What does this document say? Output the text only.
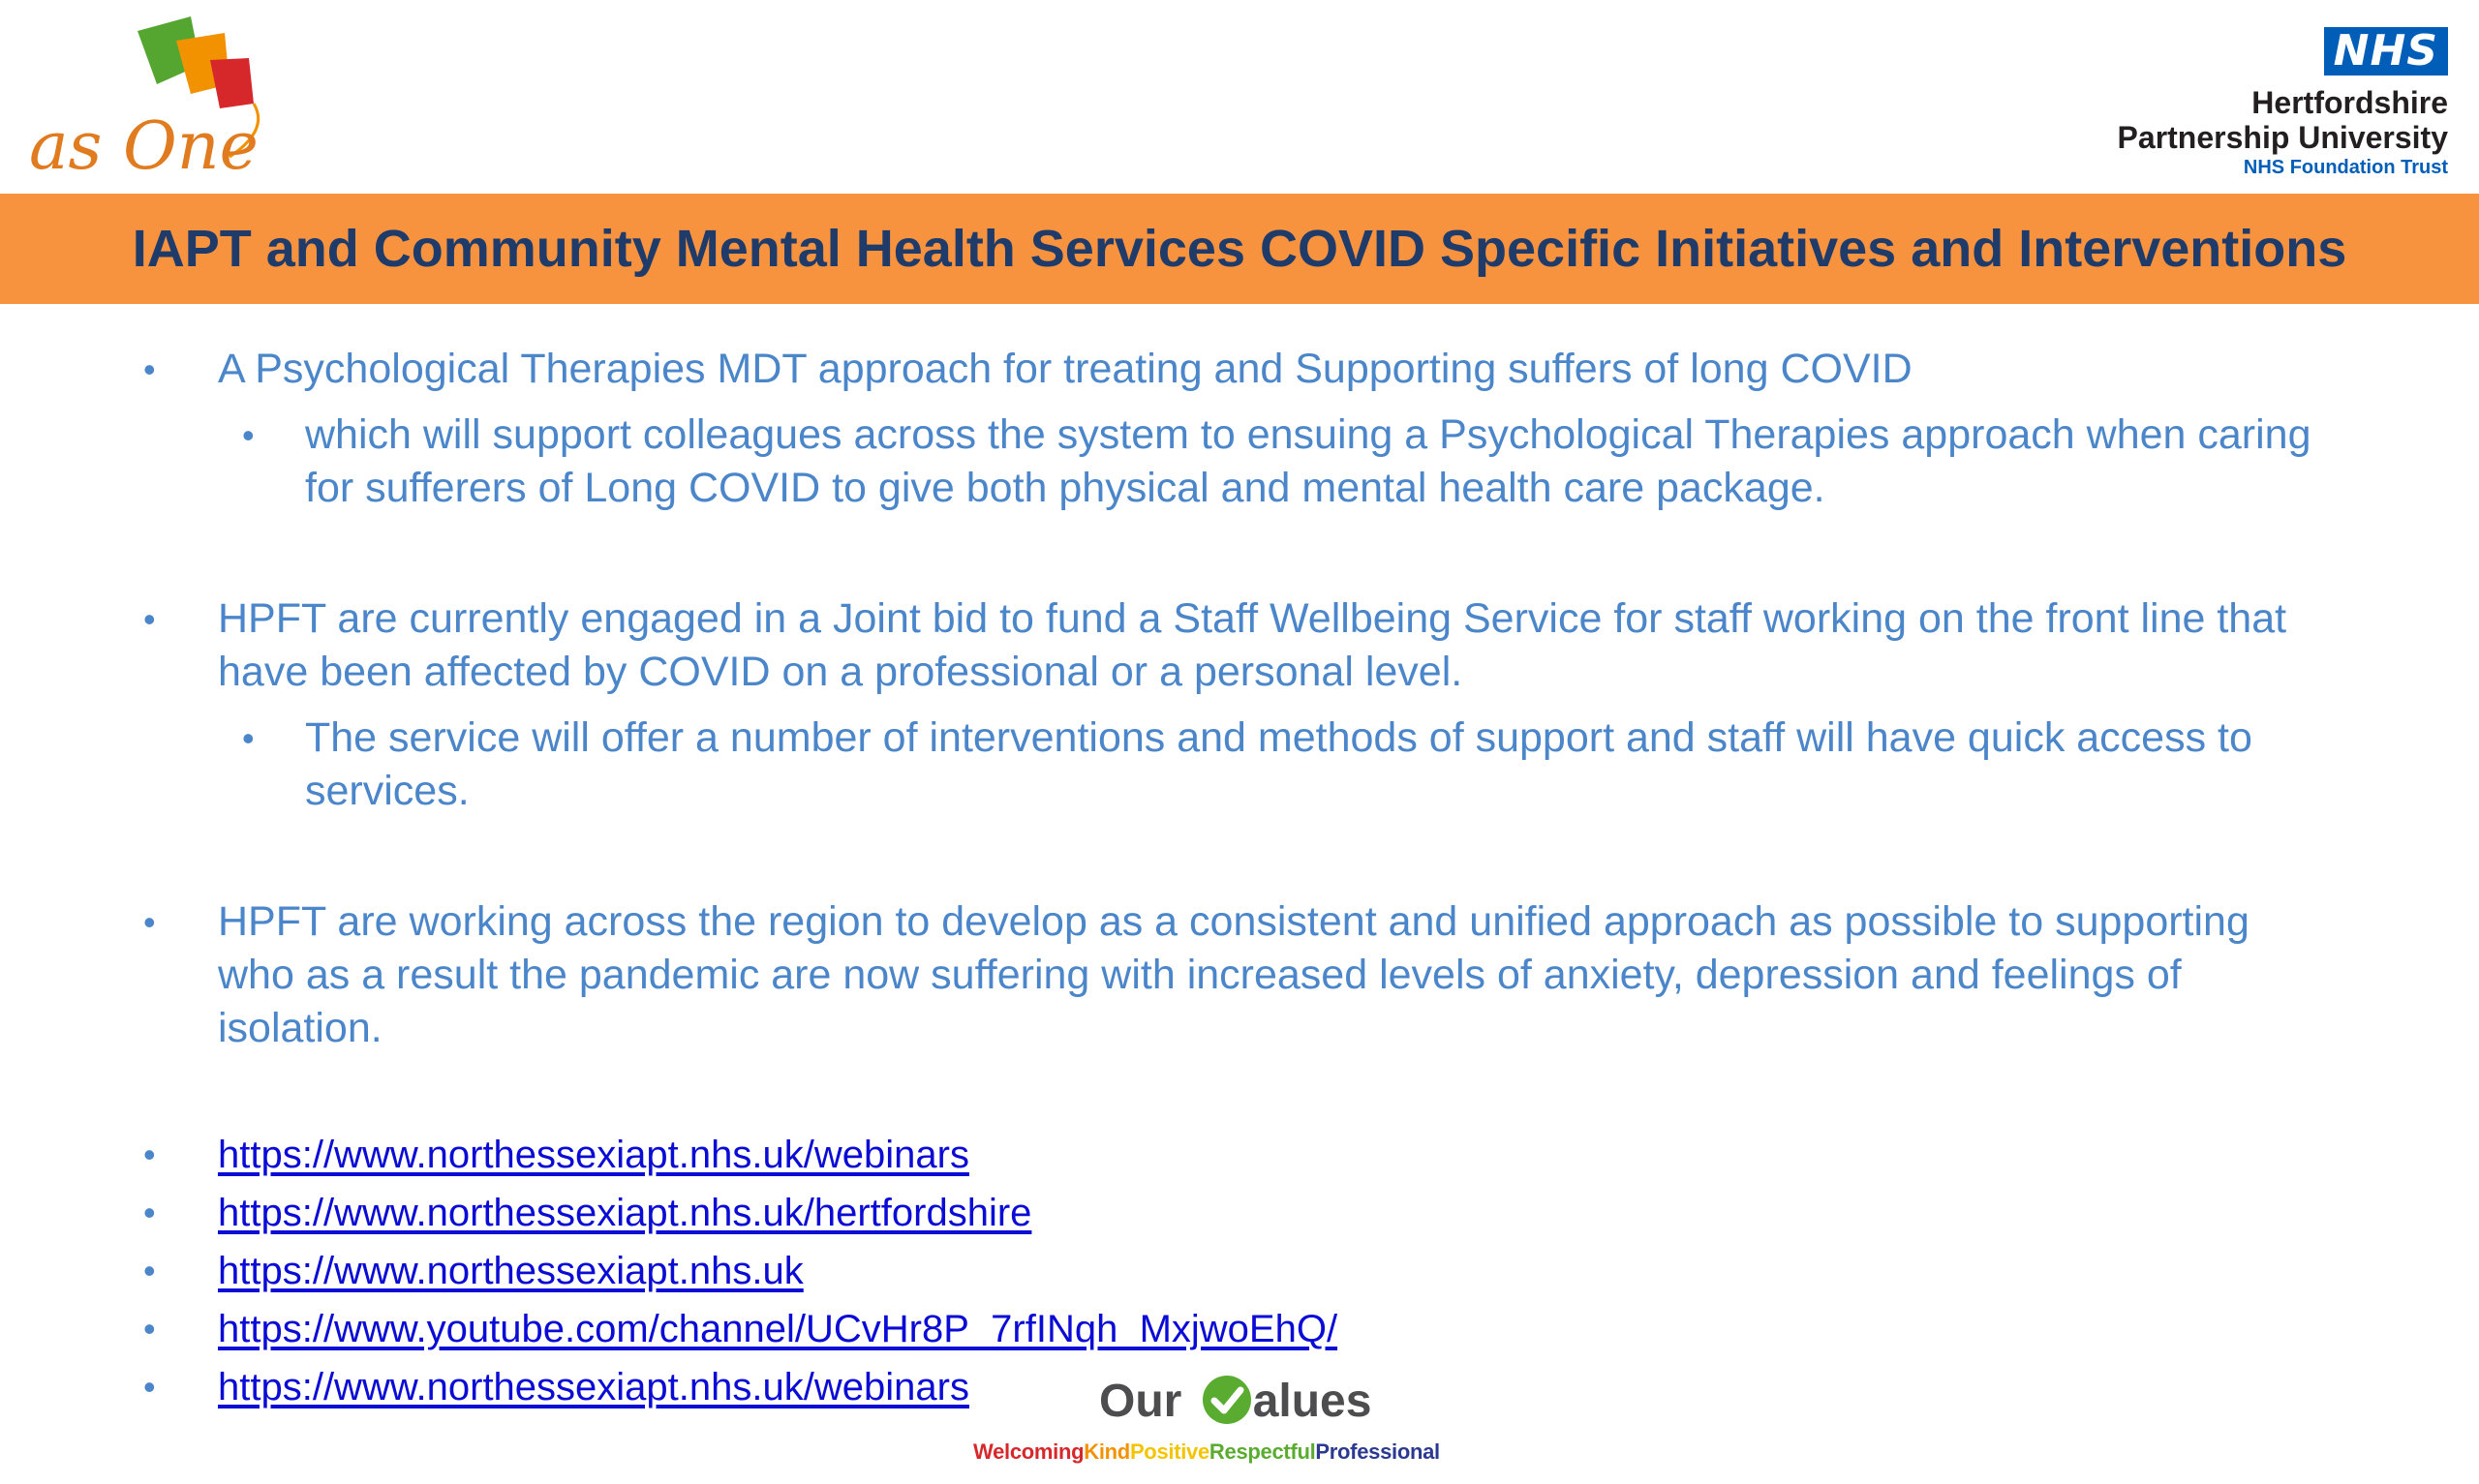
as One
NHS
Hertfordshire
Partnership University
NHS Foundation Trust
IAPT and Community Mental Health Services COVID Specific Initiatives and Interventions
• A Psychological Therapies MDT approach for treating and Supporting suffers of long COVID
• which will support colleagues across the system to ensuing a Psychological Therapies approach when caring for sufferers of Long COVID to give both physical and mental health care package.
• HPFT are currently engaged in a Joint bid to fund a Staff Wellbeing Service for staff working on the front line that have been affected by COVID on a professional or a personal level.
• The service will offer a number of interventions and methods of support and staff will have quick access to services.
• HPFT are working across the region to develop as a consistent and unified approach as possible to supporting who as a result the pandemic are now suffering with increased levels of anxiety, depression and feelings of isolation.
• https://www.northessexiapt.nhs.uk/webinars
• https://www.northessexiapt.nhs.uk/hertfordshire
• https://www.northessexiapt.nhs.uk
• https://www.youtube.com/channel/UCvHr8P_7rfINqh_MxjwoEhQ/
• https://www.northessexiapt.nhs.uk/webinars	Our alues
WelcomingKindPositiveRespectfulProfessional
